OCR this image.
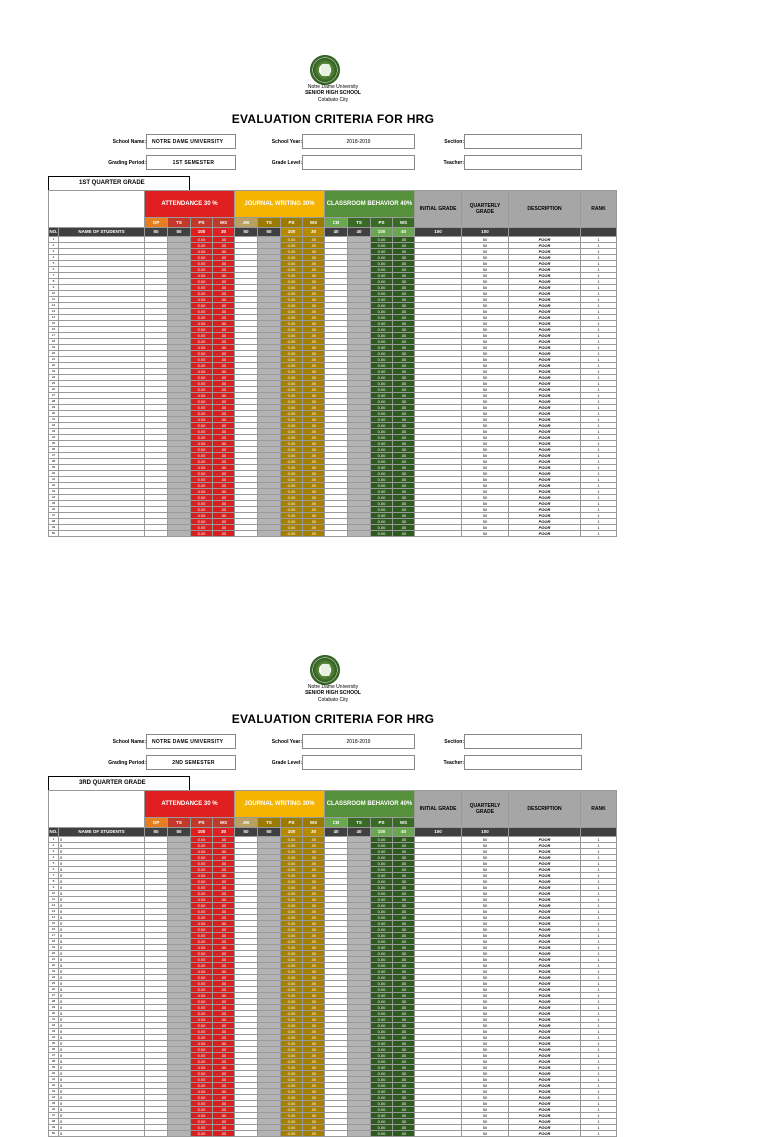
Notre Dame University
SENIOR HIGH SCHOOL
Cotabato City
EVALUATION CRITERIA FOR HRG
School Name:	NOTRE DAME UNIVERSITY
Grading Period:	1ST SEMESTER
School Year:	2018-2019
Grade Level:
Section:
Teacher:
1ST QUARTER GRADE
		ATTENDANCE 30 %				JOURNAL WRITING 30%				CLASSROOM BEHAVIOR 40%				INITIAL GRADE	QUARTERLY GRADE	DESCRIPTION	RANK
		OP	TS	PS	WS	JW	TS	PS	WS	CB	TS	PS	WS				
NO.	NAME OF STUDENTS	50	50	100	30	50	50	100	30	40	40	100	40	100	100		
1				0.00	.00			0.00	.00			0.00	.00		50	POOR	1
2				0.00	.00			0.00	.00			0.00	.00		50	POOR	1
3				0.00	.00			0.00	.00			0.00	.00		50	POOR	1
4				0.00	.00			0.00	.00			0.00	.00		50	POOR	1
5				0.00	.00			0.00	.00			0.00	.00		50	POOR	1
6				0.00	.00			0.00	.00			0.00	.00		50	POOR	1
7				0.00	.00			0.00	.00			0.00	.00		50	POOR	1
8				0.00	.00			0.00	.00			0.00	.00		50	POOR	1
9				0.00	.00			0.00	.00			0.00	.00		50	POOR	1
10				0.00	.00			0.00	.00			0.00	.00		50	POOR	1
11				0.00	.00			0.00	.00			0.00	.00		50	POOR	1
12				0.00	.00			0.00	.00			0.00	.00		50	POOR	1
13				0.00	.00			0.00	.00			0.00	.00		50	POOR	1
14				0.00	.00			0.00	.00			0.00	.00		50	POOR	1
15				0.00	.00			0.00	.00			0.00	.00		50	POOR	1
16				0.00	.00			0.00	.00			0.00	.00		50	POOR	1
17				0.00	.00			0.00	.00			0.00	.00		50	POOR	1
18				0.00	.00			0.00	.00			0.00	.00		50	POOR	1
19				0.00	.00			0.00	.00			0.00	.00		50	POOR	1
20				0.00	.00			0.00	.00			0.00	.00		50	POOR	1
21				0.00	.00			0.00	.00			0.00	.00		50	POOR	1
22				0.00	.00			0.00	.00			0.00	.00		50	POOR	1
23				0.00	.00			0.00	.00			0.00	.00		50	POOR	1
24				0.00	.00			0.00	.00			0.00	.00		50	POOR	1
25				0.00	.00			0.00	.00			0.00	.00		50	POOR	1
26				0.00	.00			0.00	.00			0.00	.00		50	POOR	1
27				0.00	.00			0.00	.00			0.00	.00		50	POOR	1
28				0.00	.00			0.00	.00			0.00	.00		50	POOR	1
29				0.00	.00			0.00	.00			0.00	.00		50	POOR	1
30				0.00	.00			0.00	.00			0.00	.00		50	POOR	1
31				0.00	.00			0.00	.00			0.00	.00		50	POOR	1
32				0.00	.00			0.00	.00			0.00	.00		50	POOR	1
33				0.00	.00			0.00	.00			0.00	.00		50	POOR	1
34				0.00	.00			0.00	.00			0.00	.00		50	POOR	1
35				0.00	.00			0.00	.00			0.00	.00		50	POOR	1
36				0.00	.00			0.00	.00			0.00	.00		50	POOR	1
37				0.00	.00			0.00	.00			0.00	.00		50	POOR	1
38				0.00	.00			0.00	.00			0.00	.00		50	POOR	1
39				0.00	.00			0.00	.00			0.00	.00		50	POOR	1
40				0.00	.00			0.00	.00			0.00	.00		50	POOR	1
41				0.00	.00			0.00	.00			0.00	.00		50	POOR	1
42				0.00	.00			0.00	.00			0.00	.00		50	POOR	1
43				0.00	.00			0.00	.00			0.00	.00		50	POOR	1
44				0.00	.00			0.00	.00			0.00	.00		50	POOR	1
45				0.00	.00			0.00	.00			0.00	.00		50	POOR	1
46				0.00	.00			0.00	.00			0.00	.00		50	POOR	1
47				0.00	.00			0.00	.00			0.00	.00		50	POOR	1
48				0.00	.00			0.00	.00			0.00	.00		50	POOR	1
49				0.00	.00			0.00	.00			0.00	.00		50	POOR	1
50				0.00	.00			0.00	.00			0.00	.00		50	POOR	1
Notre Dame University
SENIOR HIGH SCHOOL
Cotabato City
EVALUATION CRITERIA FOR HRG
School Name:	NOTRE DAME UNIVERSITY
Grading Period:	2ND SEMESTER
School Year:	2018-2019
Grade Level:
Section:
Teacher:
3RD QUARTER GRADE
		ATTENDANCE 30 %				JOURNAL WRITING 30%				CLASSROOM BEHAVIOR 40%				INITIAL GRADE	QUARTERLY GRADE	DESCRIPTION	RANK
		OP	TS	PS	WS	JW	TS	PS	WS	CB	TS	PS	WS				
NO.	NAME OF STUDENTS	50	50	100	30	50	50	100	30	40	40	100	40	100	100		
1	0			0.00	.00			0.00	.00			0.00	.00		50	POOR	1
2	0			0.00	.00			0.00	.00			0.00	.00		50	POOR	1
3	0			0.00	.00			0.00	.00			0.00	.00		50	POOR	1
4	0			0.00	.00			0.00	.00			0.00	.00		50	POOR	1
5	0			0.00	.00			0.00	.00			0.00	.00		50	POOR	1
6	0			0.00	.00			0.00	.00			0.00	.00		50	POOR	1
7	0			0.00	.00			0.00	.00			0.00	.00		50	POOR	1
8	0			0.00	.00			0.00	.00			0.00	.00		50	POOR	1
9	0			0.00	.00			0.00	.00			0.00	.00		50	POOR	1
10	0			0.00	.00			0.00	.00			0.00	.00		50	POOR	1
11	0			0.00	.00			0.00	.00			0.00	.00		50	POOR	1
12	0			0.00	.00			0.00	.00			0.00	.00		50	POOR	1
13	0			0.00	.00			0.00	.00			0.00	.00		50	POOR	1
14	0			0.00	.00			0.00	.00			0.00	.00		50	POOR	1
15	0			0.00	.00			0.00	.00			0.00	.00		50	POOR	1
16	0			0.00	.00			0.00	.00			0.00	.00		50	POOR	1
17	0			0.00	.00			0.00	.00			0.00	.00		50	POOR	1
18	0			0.00	.00			0.00	.00			0.00	.00		50	POOR	1
19	0			0.00	.00			0.00	.00			0.00	.00		50	POOR	1
20	0			0.00	.00			0.00	.00			0.00	.00		50	POOR	1
21	0			0.00	.00			0.00	.00			0.00	.00		50	POOR	1
22	0			0.00	.00			0.00	.00			0.00	.00		50	POOR	1
23	0			0.00	.00			0.00	.00			0.00	.00		50	POOR	1
24	0			0.00	.00			0.00	.00			0.00	.00		50	POOR	1
25	0			0.00	.00			0.00	.00			0.00	.00		50	POOR	1
26	0			0.00	.00			0.00	.00			0.00	.00		50	POOR	1
27	0			0.00	.00			0.00	.00			0.00	.00		50	POOR	1
28	0			0.00	.00			0.00	.00			0.00	.00		50	POOR	1
29	0			0.00	.00			0.00	.00			0.00	.00		50	POOR	1
30	0			0.00	.00			0.00	.00			0.00	.00		50	POOR	1
31	0			0.00	.00			0.00	.00			0.00	.00		50	POOR	1
32	0			0.00	.00			0.00	.00			0.00	.00		50	POOR	1
33	0			0.00	.00			0.00	.00			0.00	.00		50	POOR	1
34	0			0.00	.00			0.00	.00			0.00	.00		50	POOR	1
35	0			0.00	.00			0.00	.00			0.00	.00		50	POOR	1
36	0			0.00	.00			0.00	.00			0.00	.00		50	POOR	1
37	0			0.00	.00			0.00	.00			0.00	.00		50	POOR	1
38	0			0.00	.00			0.00	.00			0.00	.00		50	POOR	1
39	0			0.00	.00			0.00	.00			0.00	.00		50	POOR	1
40	0			0.00	.00			0.00	.00			0.00	.00		50	POOR	1
41	0			0.00	.00			0.00	.00			0.00	.00		50	POOR	1
42	0			0.00	.00			0.00	.00			0.00	.00		50	POOR	1
43	0			0.00	.00			0.00	.00			0.00	.00		50	POOR	1
44	0			0.00	.00			0.00	.00			0.00	.00		50	POOR	1
45	0			0.00	.00			0.00	.00			0.00	.00		50	POOR	1
46	0			0.00	.00			0.00	.00			0.00	.00		50	POOR	1
47	0			0.00	.00			0.00	.00			0.00	.00		50	POOR	1
48	0			0.00	.00			0.00	.00			0.00	.00		50	POOR	1
49	0			0.00	.00			0.00	.00			0.00	.00		50	POOR	1
50	0			0.00	.00			0.00	.00			0.00	.00		50	POOR	1
